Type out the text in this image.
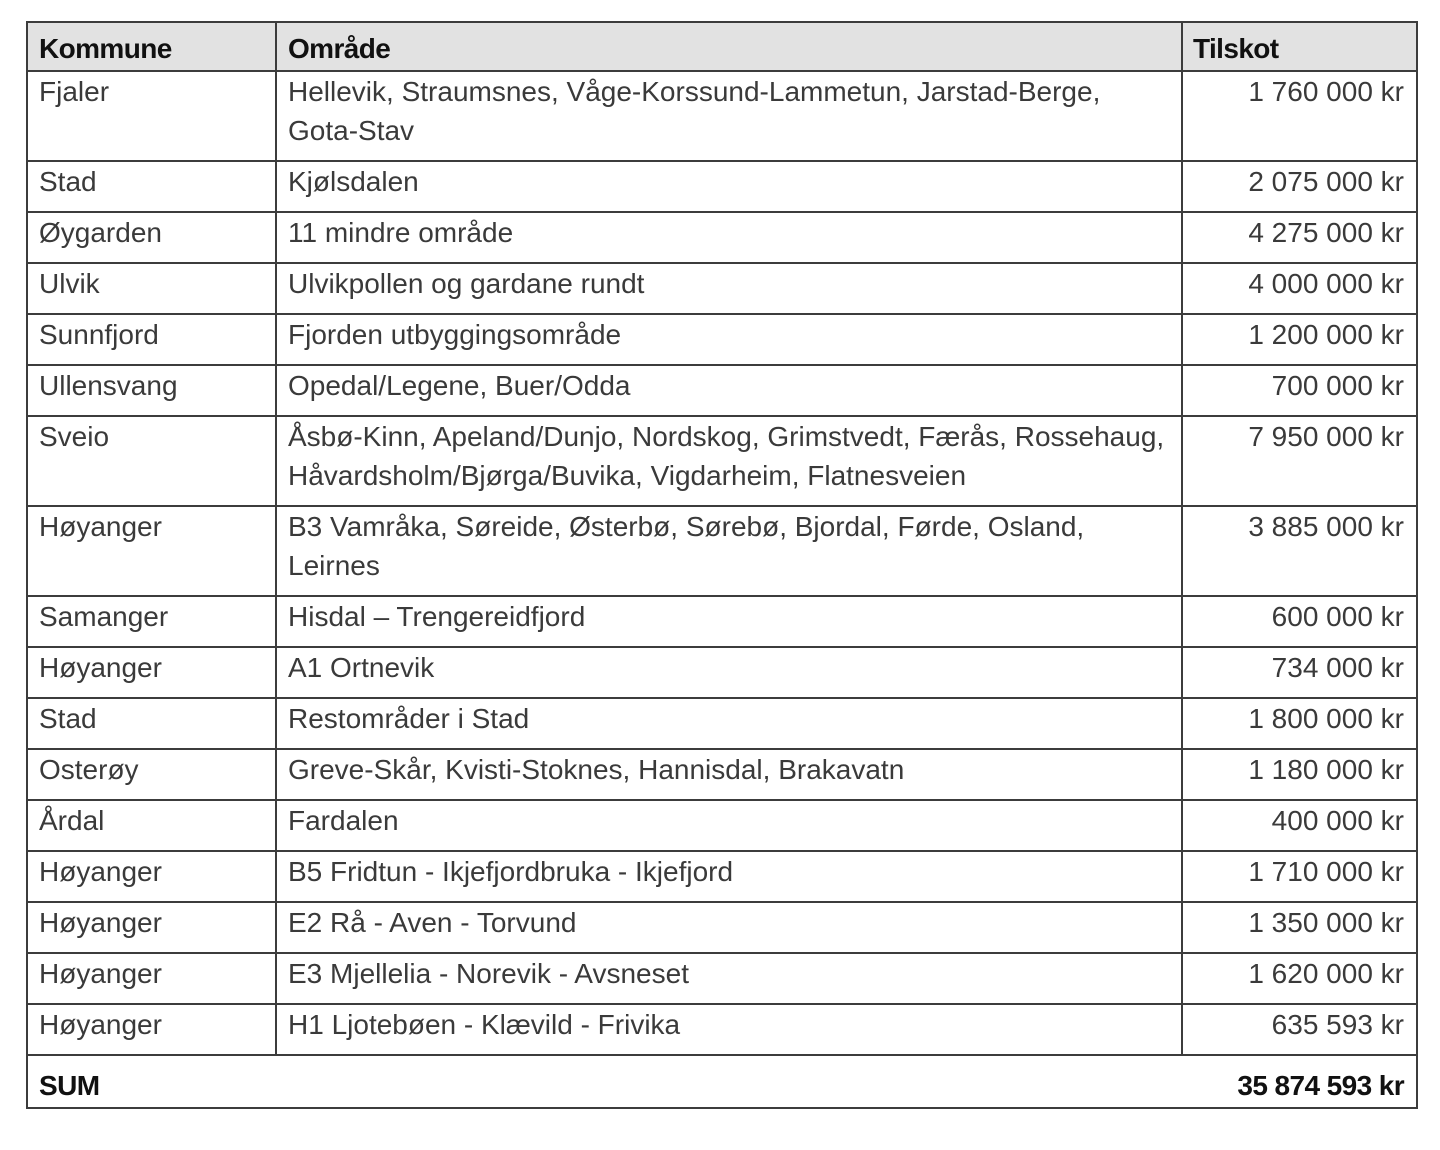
Kommune	Område	Tilskot
Fjaler	Hellevik, Straumsnes, Våge-Korssund-Lammetun, Jarstad-Berge, Gota-Stav	1 760 000 kr
Stad	Kjølsdalen	2 075 000 kr
Øygarden	11 mindre område	4 275 000 kr
Ulvik	Ulvikpollen og gardane rundt	4 000 000 kr
Sunnfjord	Fjorden utbyggingsområde	1 200 000 kr
Ullensvang	Opedal/Legene, Buer/Odda	700 000 kr
Sveio	Åsbø-Kinn, Apeland/Dunjo, Nordskog, Grimstvedt, Færås, Rossehaug, Håvardsholm/Bjørga/Buvika, Vigdarheim, Flatnesveien	7 950 000 kr
Høyanger	B3 Vamråka, Søreide, Østerbø, Sørebø, Bjordal, Førde, Osland, Leirnes	3 885 000 kr
Samanger	Hisdal – Trengereidfjord	600 000 kr
Høyanger	A1 Ortnevik	734 000 kr
Stad	Restområder i Stad	1 800 000 kr
Osterøy	Greve-Skår, Kvisti-Stoknes, Hannisdal, Brakavatn	1 180 000 kr
Årdal	Fardalen	400 000 kr
Høyanger	B5 Fridtun - Ikjefjordbruka - Ikjefjord	1 710 000 kr
Høyanger	E2 Rå - Aven - Torvund	1 350 000 kr
Høyanger	E3 Mjellelia - Norevik - Avsneset	1 620 000 kr
Høyanger	H1 Ljotebøen - Klævild - Frivika	635 593 kr
SUM	35 874 593 kr	
